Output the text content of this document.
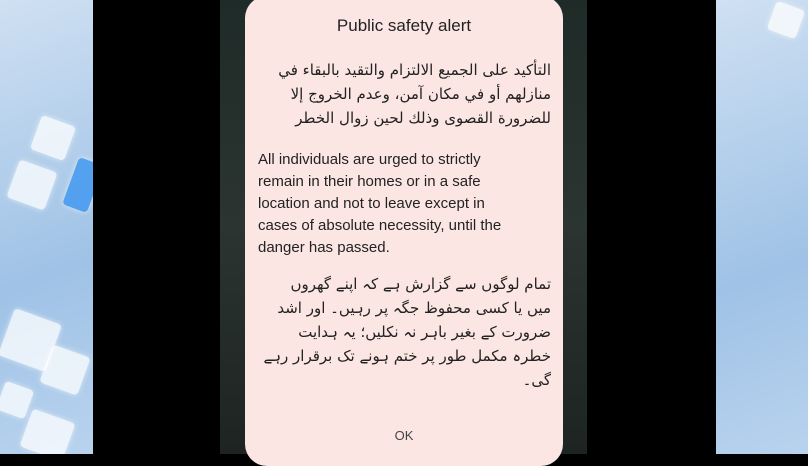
Public safety alert
التأكيد على الجميع الالتزام والتقيد بالبقاء في
منازلهم أو في مكان آمن، وعدم الخروج إلا
للضرورة القصوى وذلك لحين زوال الخطر
All individuals are urged to strictly
remain in their homes or in a safe
location and not to leave except in
cases of absolute necessity, until the
danger has passed.
تمام لوگوں سے گزارش ہے کہ اپنے گھروں
میں یا کسی محفوظ جگہ پر رہیں۔ اور اشد
ضرورت کے بغیر باہر نہ نکلیں؛ یہ ہدایت
خطرہ مکمل طور پر ختم ہونے تک برقرار رہے
گی۔
OK
